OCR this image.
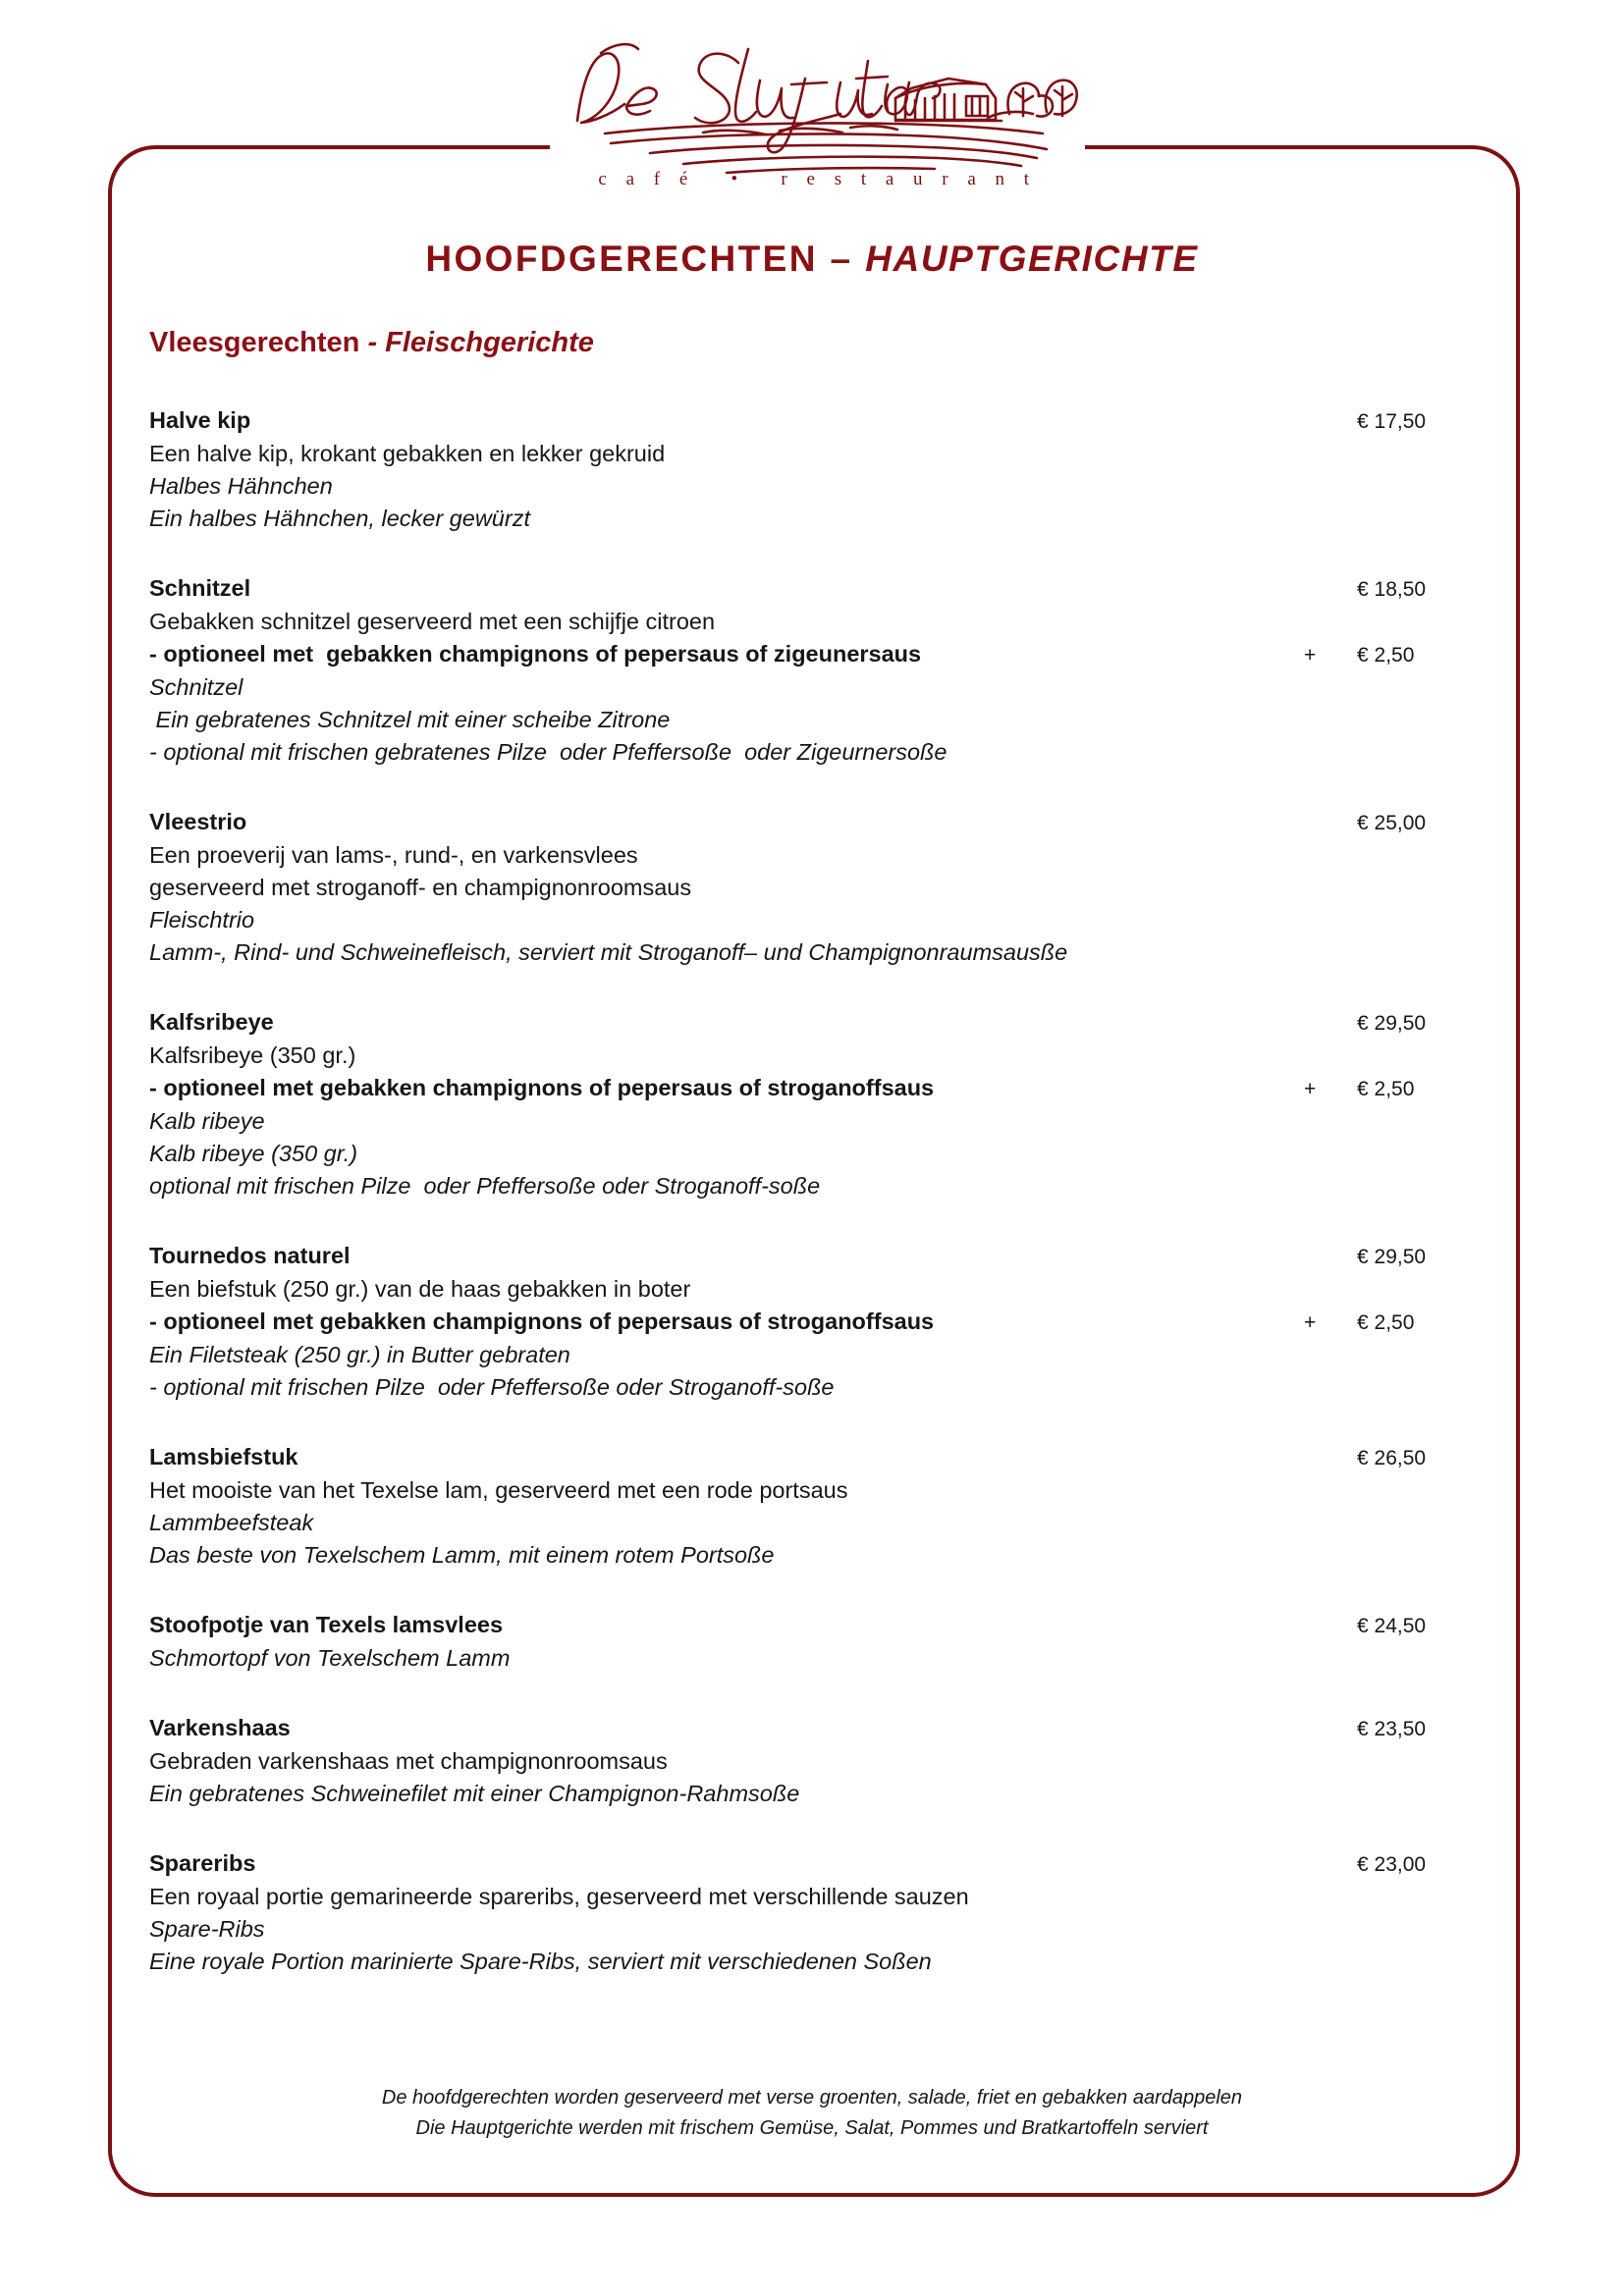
c a f é   •   r e s t a u r a n t
HOOFDGERECHTEN – HAUPTGERICHTE
Vleesgerechten - Fleischgerichte
Halve kip	€ 17,50
Een halve kip, krokant gebakken en lekker gekruid
Halbes Hähnchen
Ein halbes Hähnchen, lecker gewürzt
Schnitzel	€ 18,50
Gebakken schnitzel geserveerd met een schijfje citroen
- optioneel met  gebakken champignons of pepersaus of zigeunersaus	+	€ 2,50
Schnitzel
Ein gebratenes Schnitzel mit einer scheibe Zitrone
- optional mit frischen gebratenes Pilze  oder Pfeffersoße  oder Zigeurnersoße
Vleestrio	€ 25,00
Een proeverij van lams-, rund-, en varkensvlees
geserveerd met stroganoff- en champignonroomsaus
Fleischtrio
Lamm-, Rind- und Schweinefleisch, serviert mit Stroganoff– und Champignonraumsausße
Kalfsribeye	€ 29,50
Kalfsribeye (350 gr.)
- optioneel met gebakken champignons of pepersaus of stroganoffsaus	+	€ 2,50
Kalb ribeye
Kalb ribeye (350 gr.)
optional mit frischen Pilze  oder Pfeffersoße oder Stroganoff-soße
Tournedos naturel	€ 29,50
Een biefstuk (250 gr.) van de haas gebakken in boter
- optioneel met gebakken champignons of pepersaus of stroganoffsaus	+	€ 2,50
Ein Filetsteak (250 gr.) in Butter gebraten
- optional mit frischen Pilze  oder Pfeffersoße oder Stroganoff-soße
Lamsbiefstuk	€ 26,50
Het mooiste van het Texelse lam, geserveerd met een rode portsaus
Lammbeefsteak
Das beste von Texelschem Lamm, mit einem rotem Portsoße
Stoofpotje van Texels lamsvlees	€ 24,50
Schmortopf von Texelschem Lamm
Varkenshaas	€ 23,50
Gebraden varkenshaas met champignonroomsaus
Ein gebratenes Schweinefilet mit einer Champignon-Rahmsoße
Spareribs	€ 23,00
Een royaal portie gemarineerde spareribs, geserveerd met verschillende sauzen
Spare-Ribs
Eine royale Portion marinierte Spare-Ribs, serviert mit verschiedenen Soßen
De hoofdgerechten worden geserveerd met verse groenten, salade, friet en gebakken aardappelen
Die Hauptgerichte werden mit frischem Gemüse, Salat, Pommes und Bratkartoffeln serviert
